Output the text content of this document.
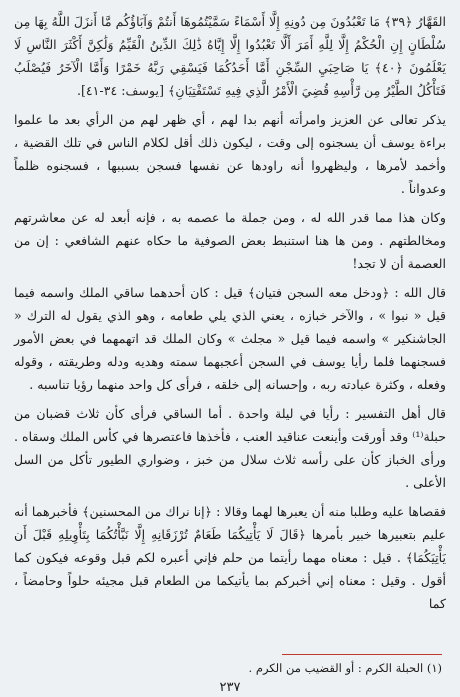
القَهَّارُ ﴿٣٩﴾ مَا تَعْبُدُونَ مِن دُونِهِ إِلَّا أَسْمَاءً سَمَّيْتُمُوهَا أَنتُمْ وَآبَاؤُكُم مَّا أَنزَلَ اللَّهُ بِهَا مِن سُلْطَانٍ إِنِ الْحُكْمُ إِلَّا لِلَّهِ أَمَرَ أَلَّا تَعْبُدُوا إِلَّا إِيَّاهُ ذَٰلِكَ الدِّينُ الْقَيِّمُ وَلَٰكِنَّ أَكْثَرَ النَّاسِ لَا يَعْلَمُونَ ﴿٤٠﴾ يَا صَاحِبَيِ السِّجْنِ أَمَّا أَحَدُكُمَا فَيَسْقِي رَبَّهُ خَمْرًا وَأَمَّا الْآخَرُ فَيُصْلَبُ فَتَأْكُلُ الطَّيْرُ مِن رَّأْسِهِ قُضِيَ الْأَمْرُ الَّذِي فِيهِ تَسْتَفْتِيَانِ﴾ [يوسف: ٣٤-٤١].

يذكر تعالى عن العزيز وامرأته أنهم بدا لهم ، أي ظهر لهم من الرأي بعد ما علموا براءة يوسف أن يسجنوه إلى وقت ، ليكون ذلك أقل لكلام الناس في تلك القضية ، وأخمد لأمرها ، وليظهروا أنه راودها عن نفسها فسجن بسببها ، فسجنوه ظلماً وعدواناً .

وكان هذا مما قدر الله له ، ومن جملة ما عصمه به ، فإنه أبعد له عن معاشرتهم ومخالطتهم . ومن ها هنا استنبط بعض الصوفية ما حكاه عنهم الشافعي : إن من العصمة أن لا تجد!

قال الله : ﴿ودخل معه السجن فتيان﴾ قيل : كان أحدهما ساقي الملك واسمه فيما قيل « نبوا » ، والآخر خبازه ، يعني الذي يلي طعامه ، وهو الذي يقول له الترك « الجاشنكير » واسمه فيما قيل « مجلث » وكان الملك قد اتهمهما في بعض الأمور فسجنهما فلما رأيا يوسف في السجن أعجبهما سمته وهديه ودله وطريقته ، وقوله وفعله ، وكثرة عبادته ربه ، وإحسانه إلى خلقه ، فرأى كل واحد منهما رؤيا تناسبه .

قال أهل التفسير : رأيا في ليلة واحدة . أما الساقي فرأى كأن ثلاث قضبان من حبلة⁽¹⁾ وقد أورقت وأينعت عناقيد العنب ، فأخذها فاعتصرها في كأس الملك وسقاه . ورأى الخباز كأن على رأسه ثلاث سلال من خبز ، وضواري الطيور تأكل من السل الأعلى .

فقصاها عليه وطلبا منه أن يعبرها لهما وقالا : ﴿إنا نراك من المحسنين﴾ فأخبرهما أنه عليم بتعبيرها خبير بأمرها ﴿قَالَ لَا يَأْتِيكُمَا طَعَامٌ تُرْزَقَانِهِ إِلَّا نَبَّأْتُكُمَا بِتَأْوِيلِهِ قَبْلَ أَن يَأْتِيَكُمَا﴾ . قيل : معناه مهما رأيتما من حلم فإني أعبره لكم قبل وقوعه فيكون كما أقول . وقيل : معناه إني أخبركم بما يأتيكما من الطعام قبل مجيئه حلواً وحامضاً ، كما

(١) الحبلة الكرم : أو القضيب من الكرم .
٢٣٧
